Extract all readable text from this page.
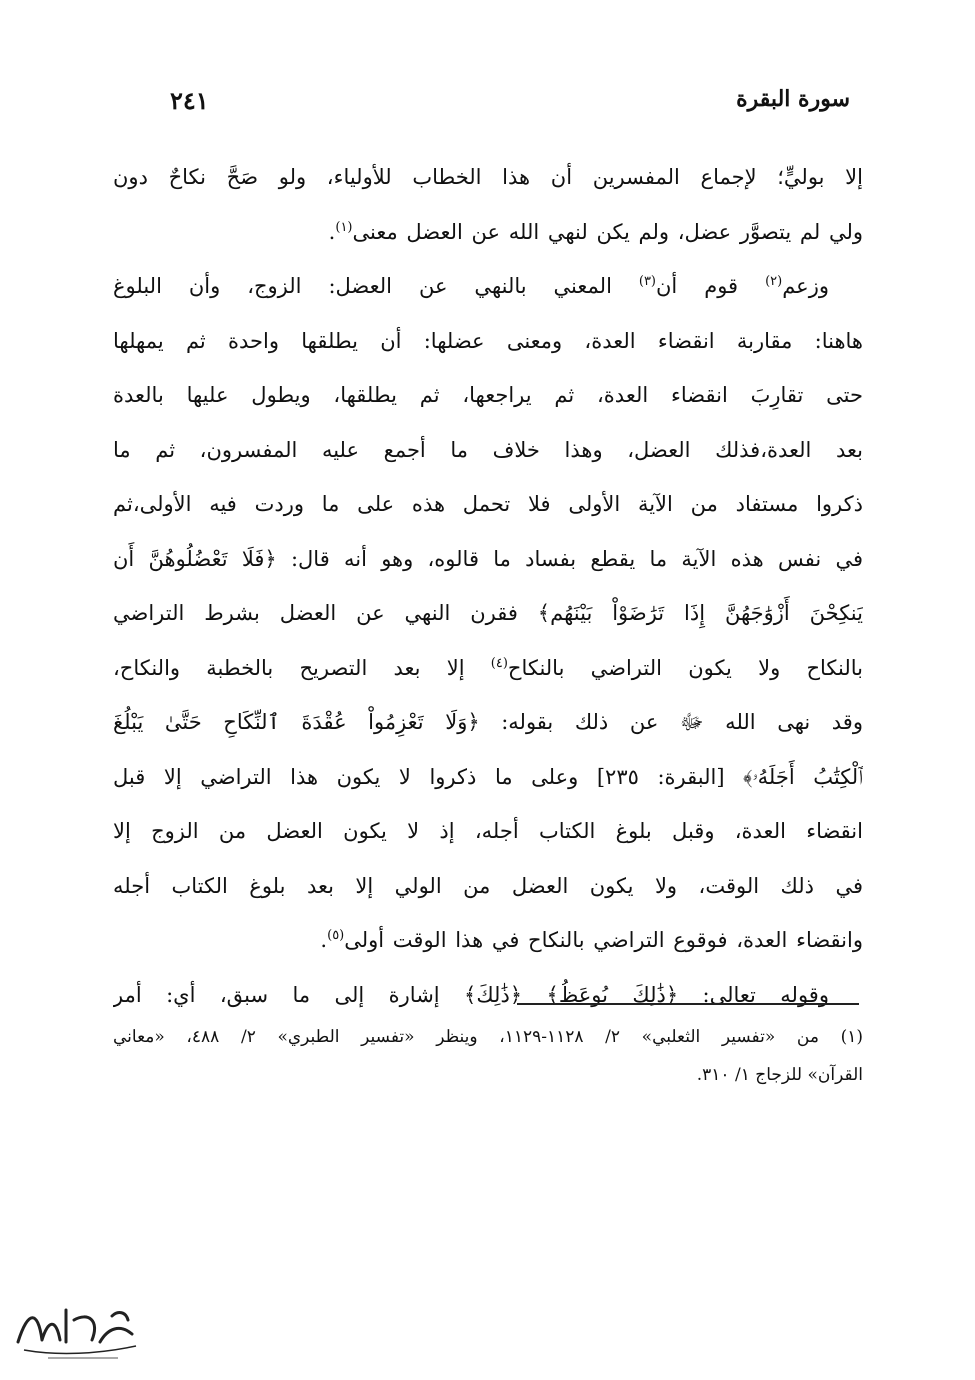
سورة البقرة
٢٤١
إلا بوليٍّ؛ لإجماع المفسرين أن هذا الخطاب للأولياء، ولو صَحَّ نكاحٌ دون
ولي لم يتصوَّر عضل، ولم يكن لنهي الله عن العضل معنى$^{(١)}$.
وزعم$^{(٢)}$ قوم أن$^{(٣)}$ المعني بالنهي عن العضل: الزوج، وأن البلوغ
هاهنا: مقاربة انقضاء العدة، ومعنى عضلها: أن يطلقها واحدة ثم يمهلها
حتى تقارِبَ انقضاء العدة، ثم يراجعها، ثم يطلقها، ويطول عليها بالعدة
بعد العدة،فذلك العضل، وهذا خلاف ما أجمع عليه المفسرون، ثم ما
ذكروا مستفاد من الآية الأولى فلا تحمل هذه على ما وردت فيه الأولى،ثم
في نفس هذه الآية ما يقطع بفساد ما قالوه، وهو أنه قال: ﴿فَلَا تَعْضُلُوهُنَّ أَن
يَنكِحْنَ أَزْوَٰجَهُنَّ إِذَا تَرَٰضَوْاْ بَيْنَهُم﴾ فقرن النهي عن العضل بشرط التراضي
بالنكاح ولا يكون التراضي بالنكاح$^{(٤)}$ إلا بعد التصريح بالخطبة والنكاح،
وقد نهى الله ﷻ عن ذلك بقوله: ﴿وَلَا تَعْزِمُواْ عُقْدَةَ ٱلنِّكَاحِ حَتَّىٰ يَبْلُغَ
ٱلْكِتَٰبُ أَجَلَهُۥ﴾ [البقرة: ٢٣٥] وعلى ما ذكروا لا يكون هذا التراضي إلا قبل
انقضاء العدة، وقبل بلوغ الكتاب أجله، إذ لا يكون العضل من الزوج إلا
في ذلك الوقت، ولا يكون العضل من الولي إلا بعد بلوغ الكتاب أجله
وانقضاء العدة، فوقوع التراضي بالنكاح في هذا الوقت أولى$^{(٥)}$.
وقوله تعالى: ﴿ذَٰلِكَ يُوعَظُ﴾ ﴿ذَٰلِكَ﴾ إشارة إلى ما سبق، أي: أمر
(١) من «تفسير الثعلبي» ٢/ ١١٢٨-١١٢٩، وينظر «تفسير الطبري» ٢/ ٤٨٨، «معاني
القرآن» للزجاج ١/ ٣١٠.
